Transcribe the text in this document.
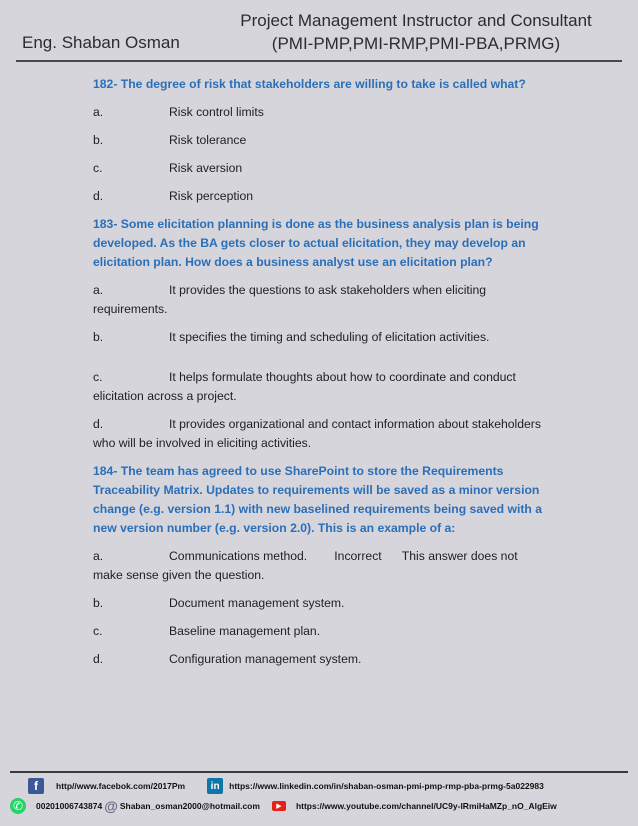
Eng. Shaban Osman
Project Management Instructor and Consultant
(PMI-PMP,PMI-RMP,PMI-PBA,PRMG)
182- The degree of risk that stakeholders are willing to take is called what?
a.	Risk control limits
b.	Risk tolerance
c.	Risk aversion
d.	Risk perception
183- Some elicitation planning is done as the business analysis plan is being developed. As the BA gets closer to actual elicitation, they may develop an elicitation plan. How does a business analyst use an elicitation plan?
a.	It provides the questions to ask stakeholders when eliciting requirements.
b.	It specifies the timing and scheduling of elicitation activities.
c.	It helps formulate thoughts about how to coordinate and conduct elicitation across a project.
d.	It provides organizational and contact information about stakeholders who will be involved in eliciting activities.
184- The team has agreed to use SharePoint to store the Requirements Traceability Matrix. Updates to requirements will be saved as a minor version change (e.g. version 1.1) with new baselined requirements being saved with a new version number (e.g. version 2.0). This is an example of a:
a.	Communications method.        Incorrect      This answer does not make sense given the question.
b.	Document management system.
c.	Baseline management plan.
d.	Configuration management system.
f	http//www.facebok.com/2017Pm	in	https://www.linkedin.com/in/shaban-osman-pmi-pmp-rmp-pba-prmg-5a022983
✆	00201006743874 @ Shaban_osman2000@hotmail.com	▶	https://www.youtube.com/channel/UC9y-lRmiHaMZp_nO_AlgEiw
